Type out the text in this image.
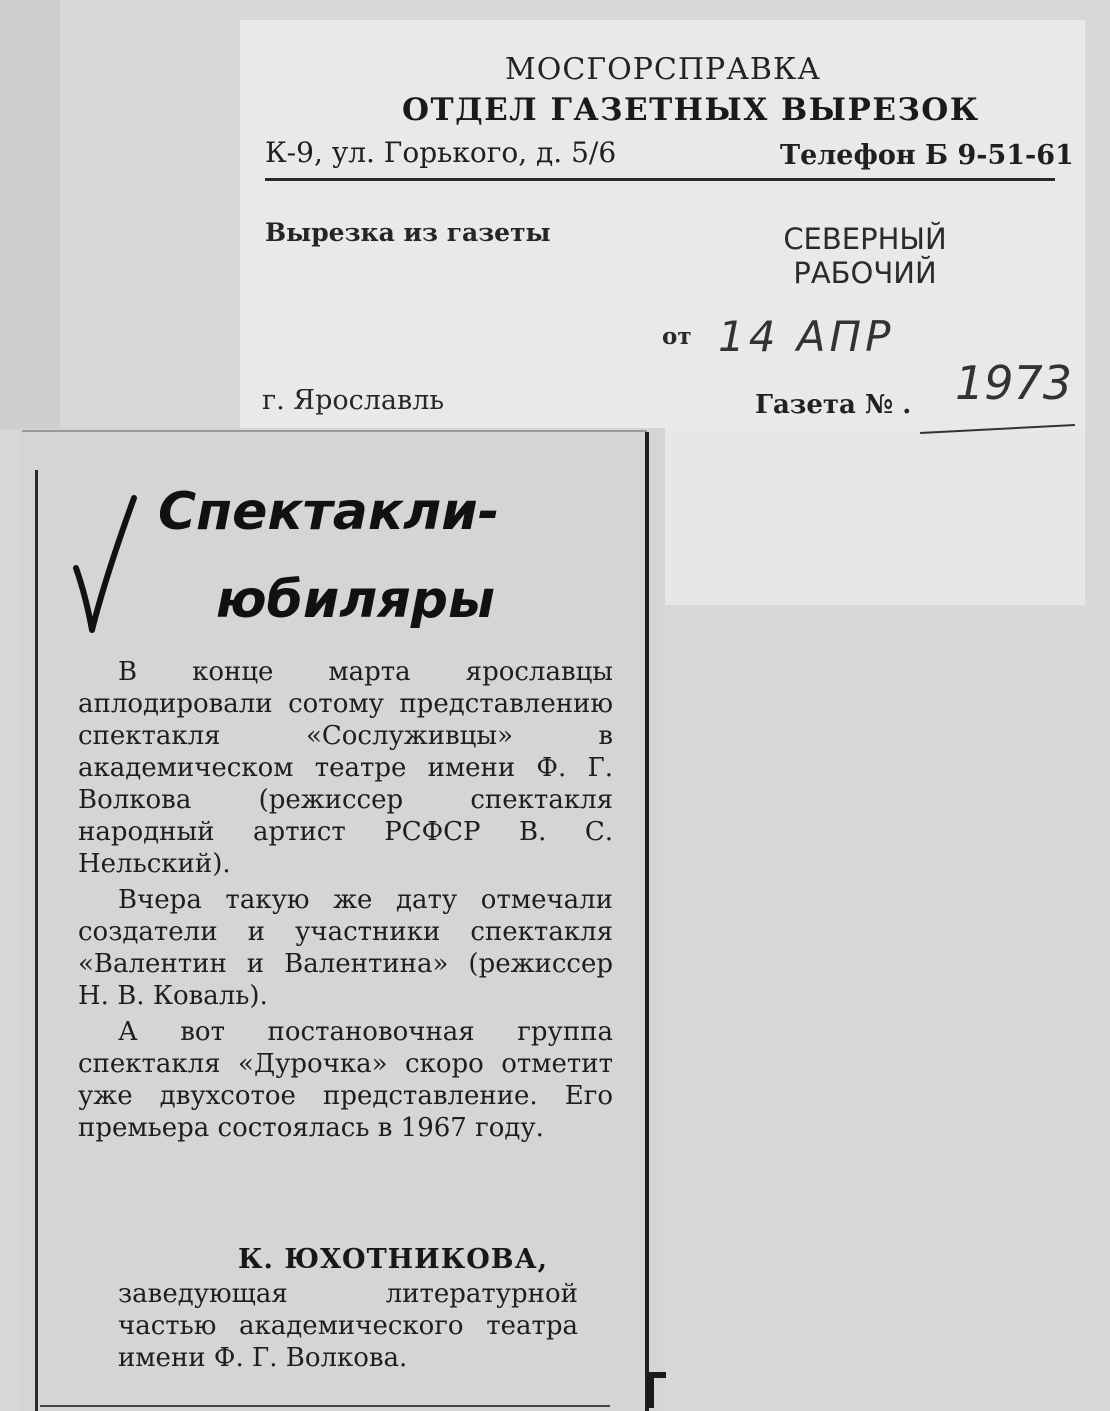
МОСГОРСПРАВКА
ОТДЕЛ ГАЗЕТНЫХ ВЫРЕЗОК
К-9, ул. Горького, д. 5/6	Телефон Б 9-51-61
Вырезка из газеты	СЕВЕРНЫЙ
РАБОЧИЙ
от 14 АПР
г. Ярославль	Газета № . 1973
Спектакли-
юбиляры

В конце марта ярославцы аплодировали сотому представлению спектакля «Сослуживцы» в академическом театре имени Ф. Г. Волкова (режиссер спектакля народный артист РСФСР В. С. Нельский).

Вчера такую же дату отмечали создатели и участники спектакля «Валентин и Валентина» (режиссер Н. В. Коваль).

А вот постановочная группа спектакля «Дурочка» скоро отметит уже двухсотое представление. Его премьера состоялась в 1967 году.

К. ЮХОТНИКОВА,
заведующая литературной частью академического театра имени Ф. Г. Волкова.
